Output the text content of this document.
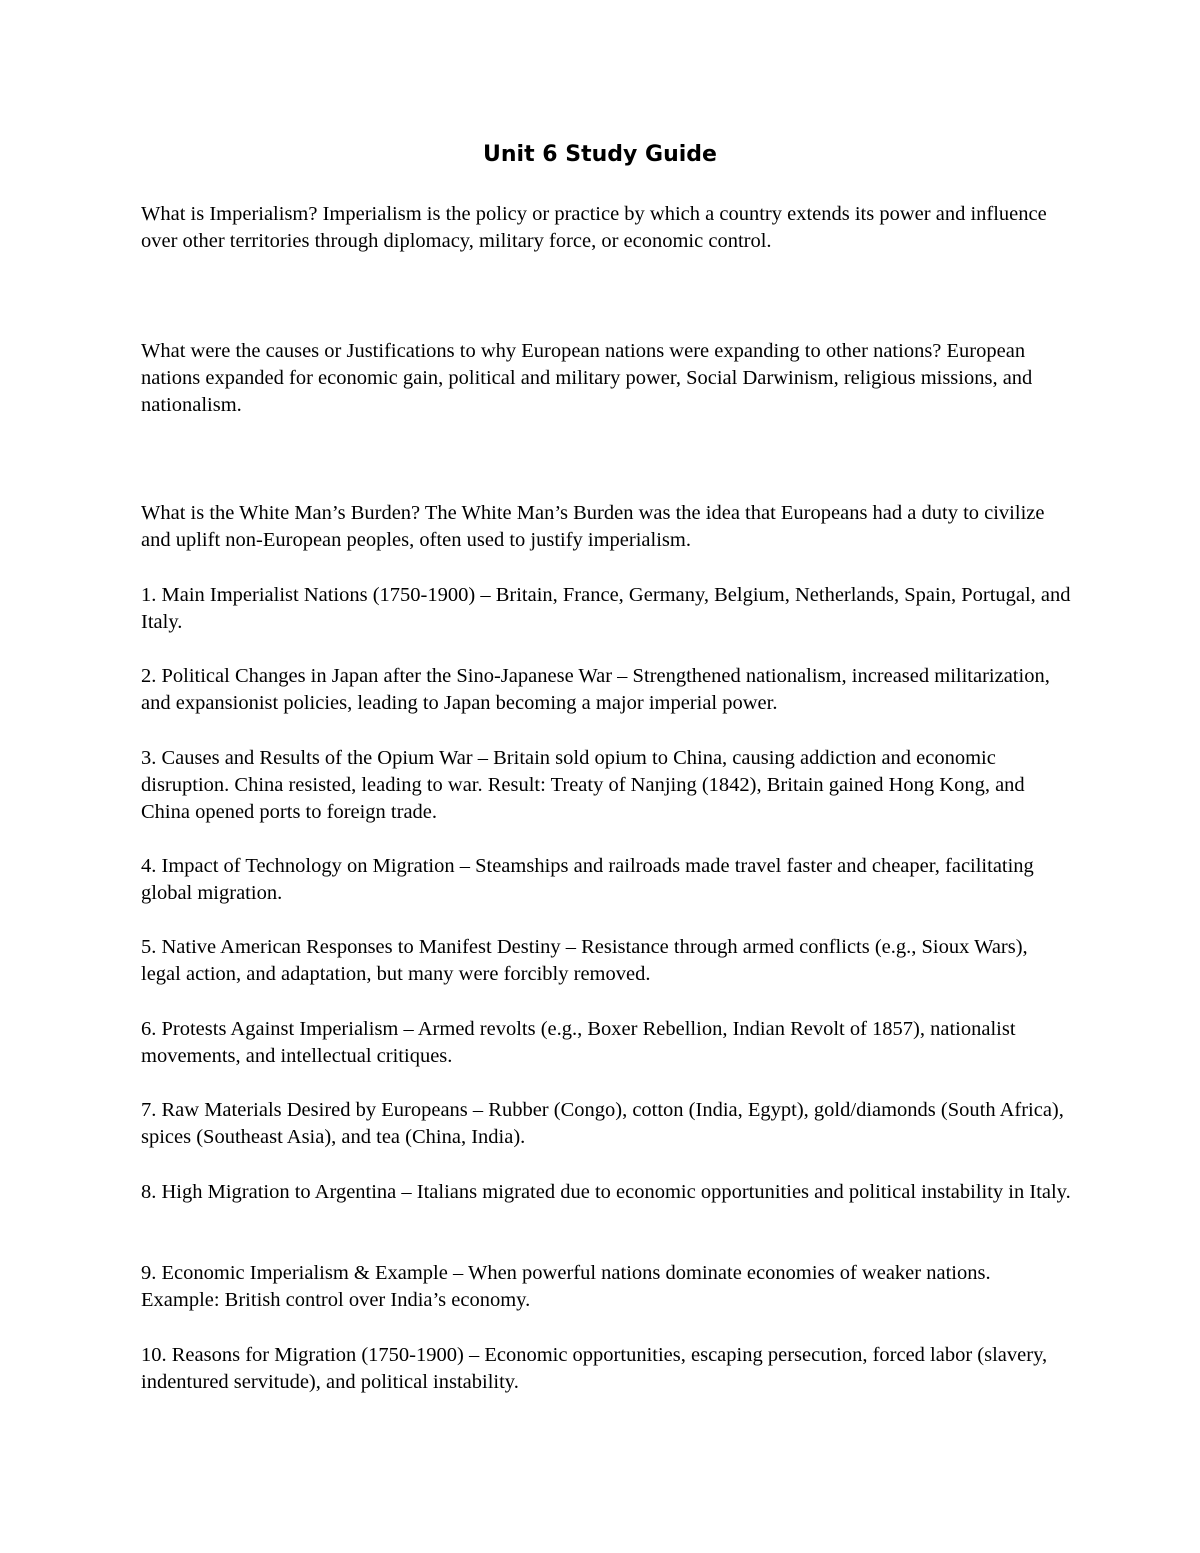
Unit 6 Study Guide

What is Imperialism? Imperialism is the policy or practice by which a country extends its power and influence over other territories through diplomacy, military force, or economic control.

What were the causes or Justifications to why European nations were expanding to other nations? European nations expanded for economic gain, political and military power, Social Darwinism, religious missions, and nationalism.

What is the White Man’s Burden? The White Man’s Burden was the idea that Europeans had a duty to civilize and uplift non-European peoples, often used to justify imperialism.

1. Main Imperialist Nations (1750-1900) – Britain, France, Germany, Belgium, Netherlands, Spain, Portugal, and Italy.

2. Political Changes in Japan after the Sino-Japanese War – Strengthened nationalism, increased militarization, and expansionist policies, leading to Japan becoming a major imperial power.

3. Causes and Results of the Opium War – Britain sold opium to China, causing addiction and economic disruption. China resisted, leading to war. Result: Treaty of Nanjing (1842), Britain gained Hong Kong, and China opened ports to foreign trade.

4. Impact of Technology on Migration – Steamships and railroads made travel faster and cheaper, facilitating global migration.

5. Native American Responses to Manifest Destiny – Resistance through armed conflicts (e.g., Sioux Wars), legal action, and adaptation, but many were forcibly removed.

6. Protests Against Imperialism – Armed revolts (e.g., Boxer Rebellion, Indian Revolt of 1857), nationalist movements, and intellectual critiques.

7. Raw Materials Desired by Europeans – Rubber (Congo), cotton (India, Egypt), gold/diamonds (South Africa), spices (Southeast Asia), and tea (China, India).

8. High Migration to Argentina – Italians migrated due to economic opportunities and political instability in Italy.

9. Economic Imperialism & Example – When powerful nations dominate economies of weaker nations. Example: British control over India’s economy.

10. Reasons for Migration (1750-1900) – Economic opportunities, escaping persecution, forced labor (slavery, indentured servitude), and political instability.
